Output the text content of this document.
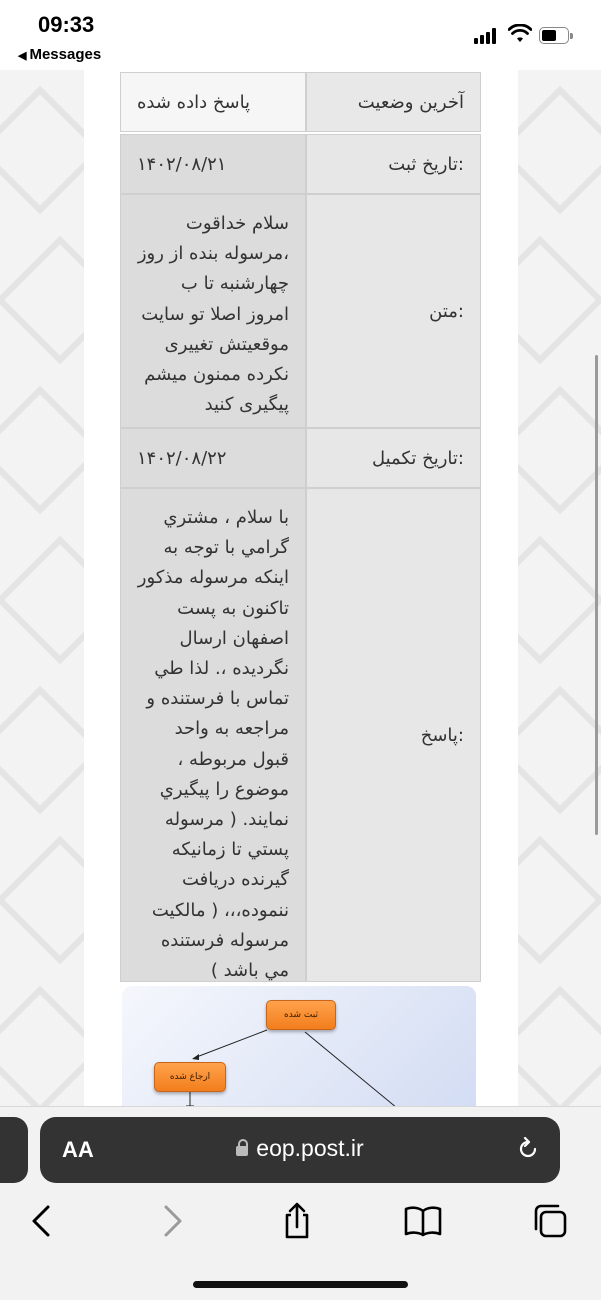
09:33
◀ Messages
آخرین وضعیت
پاسخ داده شده
تاریخ ثبت:
۱۴۰۲/۰۸/۲۱
متن:
سلام خداقوت
،مرسوله بنده از روز
چهارشنبه تا ب
امروز اصلا تو سایت
موقعیتش تغییری
نکرده ممنون میشم
پیگیری کنید
تاریخ تکمیل:
۱۴۰۲/۰۸/۲۲
پاسخ:
با سلام ، مشتري
گرامي با توجه به
اينکه مرسوله مذکور
تاکنون به پست
اصفهان ارسال
نگرديده ،. لذا طي
تماس با فرستنده و
مراجعه به واحد
قبول مربوطه ،
موضوع را پيگيري
نمايند. ( مرسوله
پستي تا زمانيکه
گيرنده دريافت
ننموده،،، ( مالکيت
مرسوله فرستنده
مي باشد )
ثبت شده
ارجاع شده
AA	eop.post.ir
